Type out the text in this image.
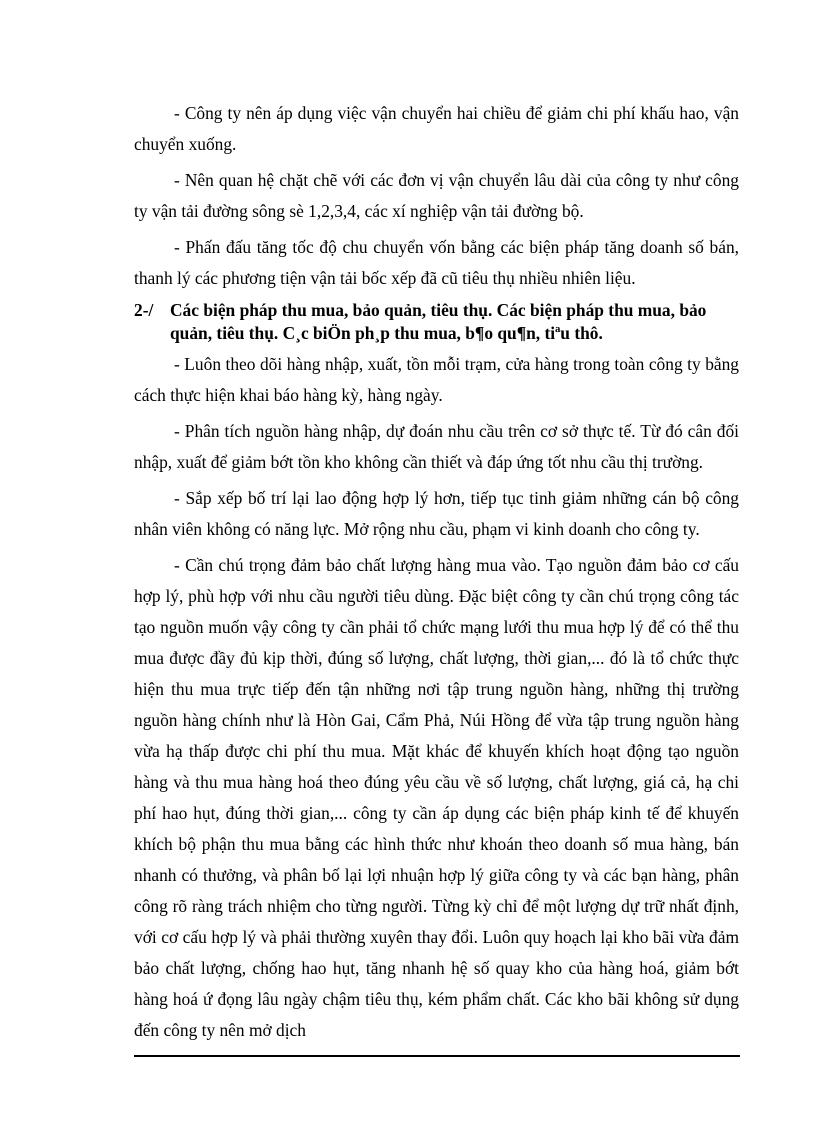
- Công ty nên áp dụng việc vận chuyển hai chiều để giảm chi phí khấu hao, vận chuyển xuống.

- Nên quan hệ chặt chẽ với các đơn vị vận chuyển lâu dài của công ty như công ty vận tải đường sông sè 1,2,3,4, các xí nghiệp vận tải đường bộ.

- Phấn đấu tăng tốc độ chu chuyển vốn bằng các biện pháp tăng doanh số bán, thanh lý các phương tiện vận tải bốc xếp đã cũ tiêu thụ nhiều nhiên liệu.

2-/ Các biện pháp thu mua, bảo quản, tiêu thụ. Các biện pháp thu mua, bảo quản, tiêu thụ. C¸c biÖn ph¸p thu mua, b¶o qu¶n, tiªu thô.

- Luôn theo dõi hàng nhập, xuất, tồn mỗi trạm, cửa hàng trong toàn công ty bằng cách thực hiện khai báo hàng kỳ, hàng ngày.

- Phân tích nguồn hàng nhập, dự đoán nhu cầu trên cơ sở thực tế. Từ đó cân đối nhập, xuất để giảm bớt tồn kho không cần thiết và đáp ứng tốt nhu cầu thị trường.

- Sắp xếp bố trí lại lao động hợp lý hơn, tiếp tục tinh giảm những cán bộ công nhân viên không có năng lực. Mở rộng nhu cầu, phạm vi kinh doanh cho công ty.

- Cần chú trọng đảm bảo chất lượng hàng mua vào. Tạo nguồn đảm bảo cơ cấu hợp lý, phù hợp với nhu cầu người tiêu dùng. Đặc biệt công ty cần chú trọng công tác tạo nguồn muốn vậy công ty cần phải tổ chức mạng lưới thu mua hợp lý để có thể thu mua được đầy đủ kịp thời, đúng số lượng, chất lượng, thời gian,... đó là tổ chức thực hiện thu mua trực tiếp đến tận những nơi tập trung nguồn hàng, những thị trường nguồn hàng chính như là Hòn Gai, Cẩm Phả, Núi Hồng để vừa tập trung nguồn hàng vừa hạ thấp được chi phí thu mua. Mặt khác để khuyến khích hoạt động tạo nguồn hàng và thu mua hàng hoá theo đúng yêu cầu về số lượng, chất lượng, giá cả, hạ chi phí hao hụt, đúng thời gian,... công ty cần áp dụng các biện pháp kinh tế để khuyến khích bộ phận thu mua bằng các hình thức như khoán theo doanh số mua hàng, bán nhanh có thưởng, và phân bố lại lợi nhuận hợp lý giữa công ty và các bạn hàng, phân công rõ ràng trách nhiệm cho từng người. Từng kỳ chỉ để một lượng dự trữ nhất định, với cơ cấu hợp lý và phải thường xuyên thay đổi. Luôn quy hoạch lại kho bãi vừa đảm bảo chất lượng, chống hao hụt, tăng nhanh hệ số quay kho của hàng hoá, giảm bớt hàng hoá ứ đọng lâu ngày chậm tiêu thụ, kém phẩm chất. Các kho bãi không sử dụng đến công ty nên mở dịch
